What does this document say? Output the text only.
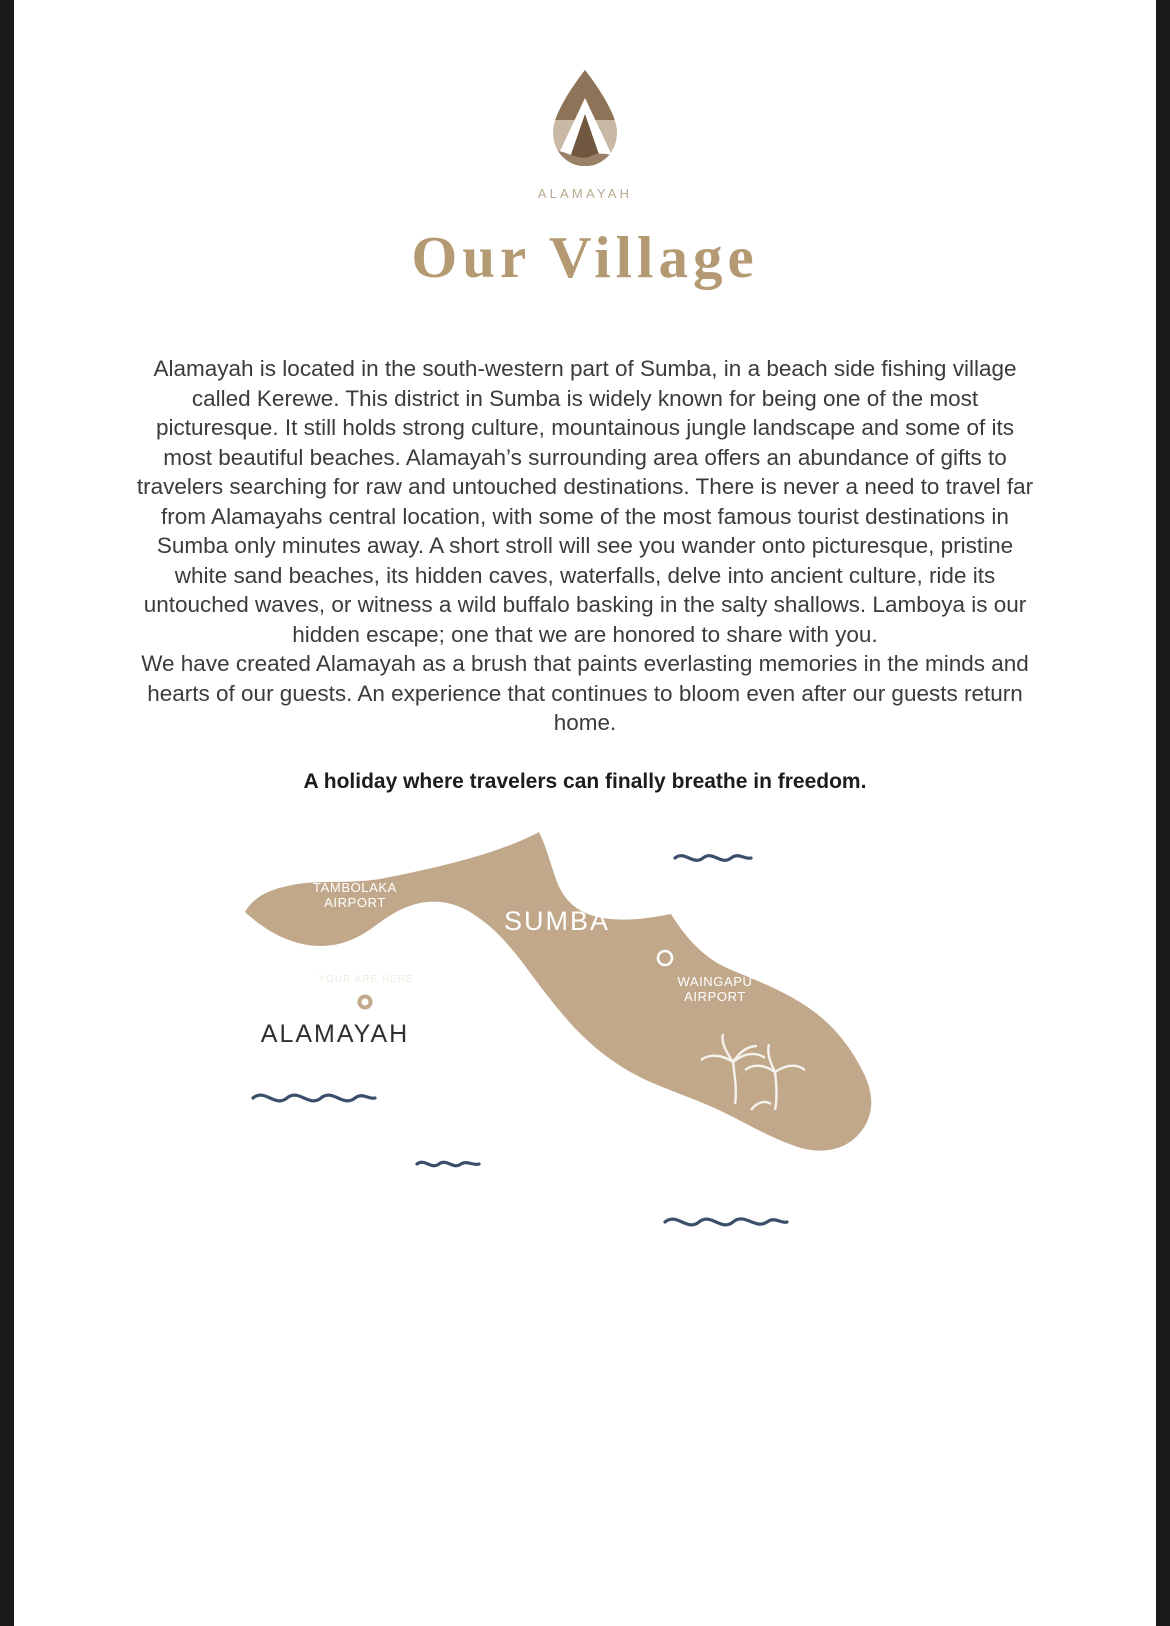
ALAMAYAH
Our Village

Alamayah is located in the south-western part of Sumba, in a beach side fishing village called Kerewe. This district in Sumba is widely known for being one of the most picturesque. It still holds strong culture, mountainous jungle landscape and some of its most beautiful beaches. Alamayah’s surrounding area offers an abundance of gifts to travelers searching for raw and untouched destinations. There is never a need to travel far from Alamayahs central location, with some of the most famous tourist destinations in Sumba only minutes away. A short stroll will see you wander onto picturesque, pristine white sand beaches, its hidden caves, waterfalls, delve into ancient culture, ride its untouched waves, or witness a wild buffalo basking in the salty shallows. Lamboya is our hidden escape; one that we are honored to share with you.

We have created Alamayah as a brush that paints everlasting memories in the minds and hearts of our guests. An experience that continues to bloom even after our guests return home.

A holiday where travelers can finally breathe in freedom.
TAMBOLAKA
AIRPORT
SUMBA
WAINGAPU
AIRPORT
YOUR ARE HERE
ALAMAYAH
